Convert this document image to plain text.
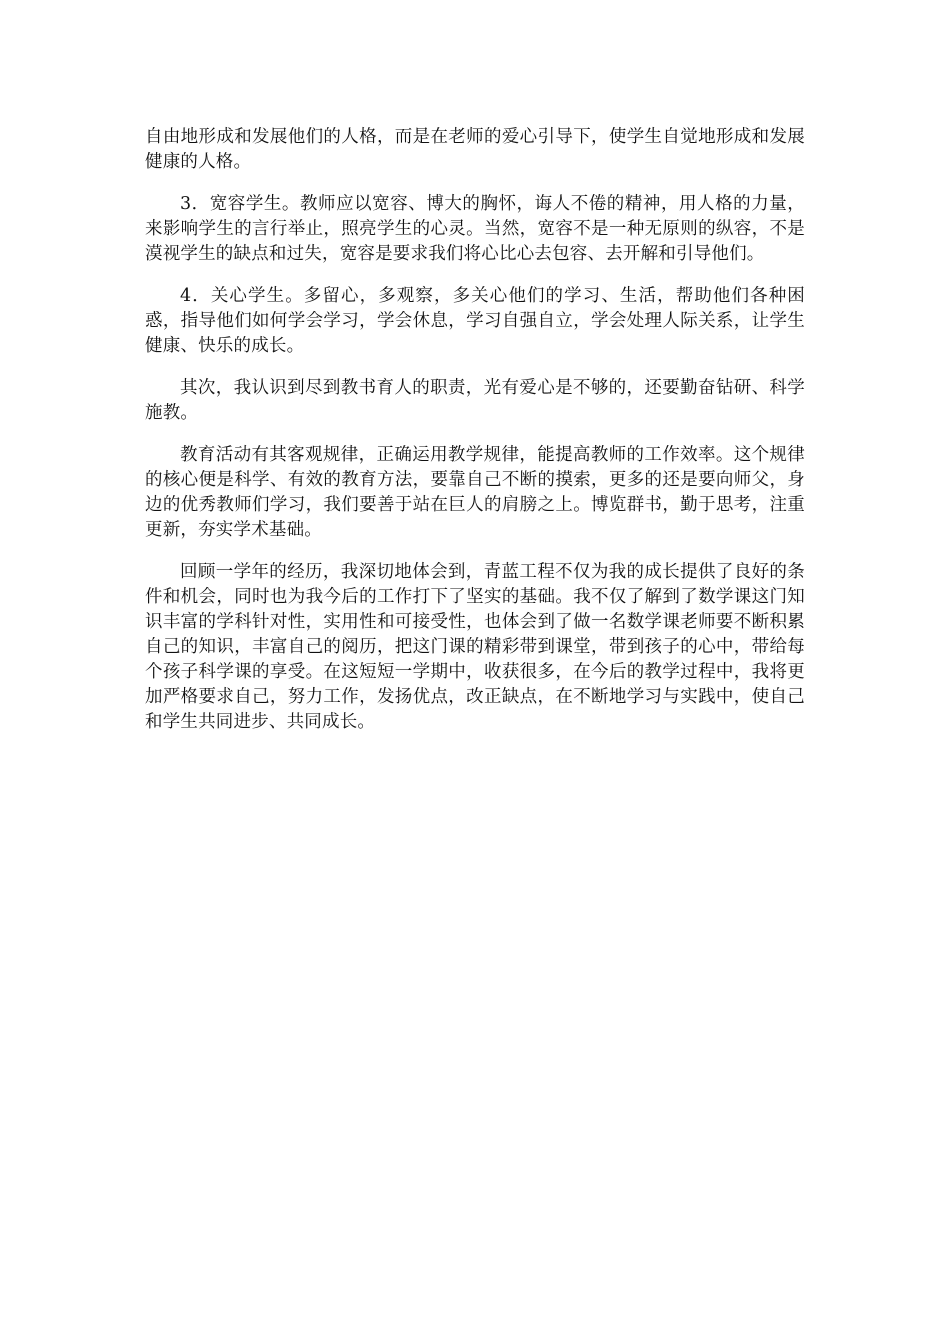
自由地形成和发展他们的人格，而是在老师的爱心引导下，使学生自觉地形成和发展健康的人格。

3．宽容学生。教师应以宽容、博大的胸怀，诲人不倦的精神，用人格的力量，来影响学生的言行举止，照亮学生的心灵。当然，宽容不是一种无原则的纵容，不是漠视学生的缺点和过失，宽容是要求我们将心比心去包容、去开解和引导他们。

4．关心学生。多留心，多观察，多关心他们的学习、生活，帮助他们各种困惑，指导他们如何学会学习，学会休息，学习自强自立，学会处理人际关系，让学生健康、快乐的成长。

其次，我认识到尽到教书育人的职责，光有爱心是不够的，还要勤奋钻研、科学施教。

教育活动有其客观规律，正确运用教学规律，能提高教师的工作效率。这个规律的核心便是科学、有效的教育方法，要靠自己不断的摸索，更多的还是要向师父，身边的优秀教师们学习，我们要善于站在巨人的肩膀之上。博览群书，勤于思考，注重更新，夯实学术基础。

回顾一学年的经历，我深切地体会到，青蓝工程不仅为我的成长提供了良好的条件和机会，同时也为我今后的工作打下了坚实的基础。我不仅了解到了数学课这门知识丰富的学科针对性，实用性和可接受性，也体会到了做一名数学课老师要不断积累自己的知识，丰富自己的阅历，把这门课的精彩带到课堂，带到孩子的心中，带给每个孩子科学课的享受。在这短短一学期中，收获很多，在今后的教学过程中，我将更加严格要求自己，努力工作，发扬优点，改正缺点，在不断地学习与实践中，使自己和学生共同进步、共同成长。
